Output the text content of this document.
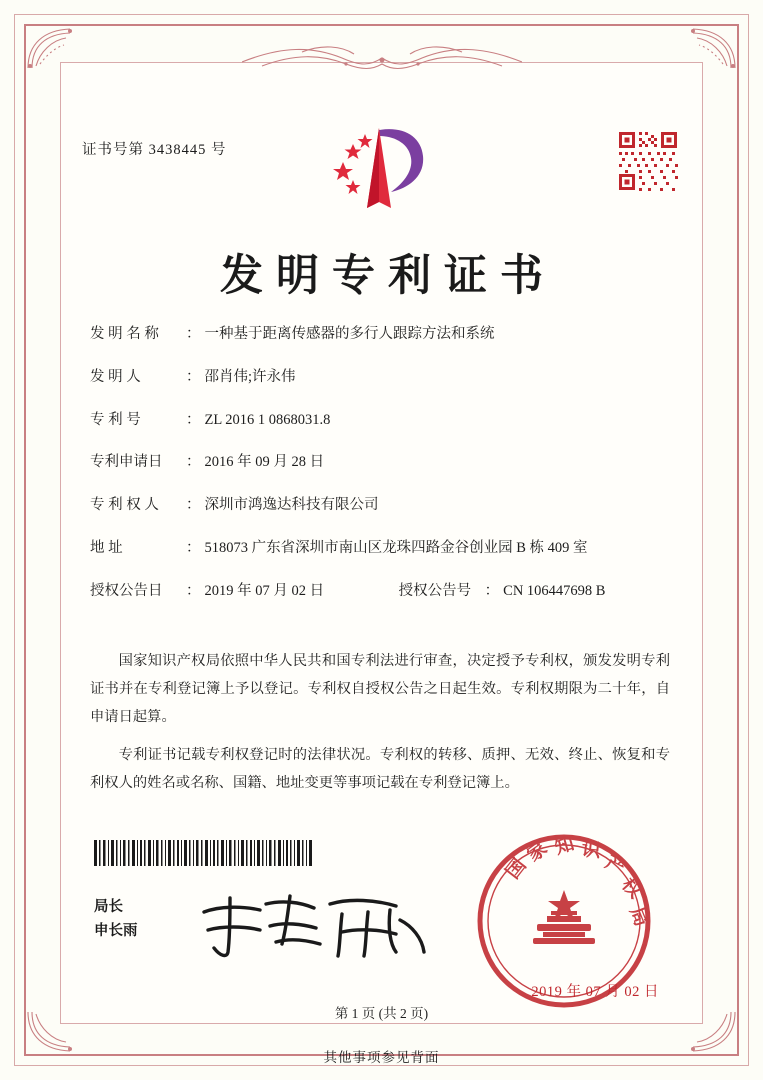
证书号第 3438445 号
发明专利证书
发 明 名 称 ： 一种基于距离传感器的多行人跟踪方法和系统
发 明 人	： 邵肖伟;许永伟
专 利 号	： ZL 2016 1 0868031.8
专利申请日 ： 2016 年 09 月 28 日
专 利 权 人 ： 深圳市鸿逸达科技有限公司
地 址	： 518073 广东省深圳市南山区龙珠四路金谷创业园 B 栋 409 室
授权公告日 ： 2019 年 07 月 02 日	授权公告号 ： CN 106447698 B

国家知识产权局依照中华人民共和国专利法进行审查，决定授予专利权，颁发发明专利证书并在专利登记簿上予以登记。专利权自授权公告之日起生效。专利权期限为二十年，自申请日起算。

专利证书记载专利权登记时的法律状况。专利权的转移、质押、无效、终止、恢复和专利权人的姓名或名称、国籍、地址变更等事项记载在专利登记簿上。

局长
申长雨
国
家 知 识
产
权
局
2019 年 07 月 02 日
第 1 页 (共 2 页)
其他事项参见背面
